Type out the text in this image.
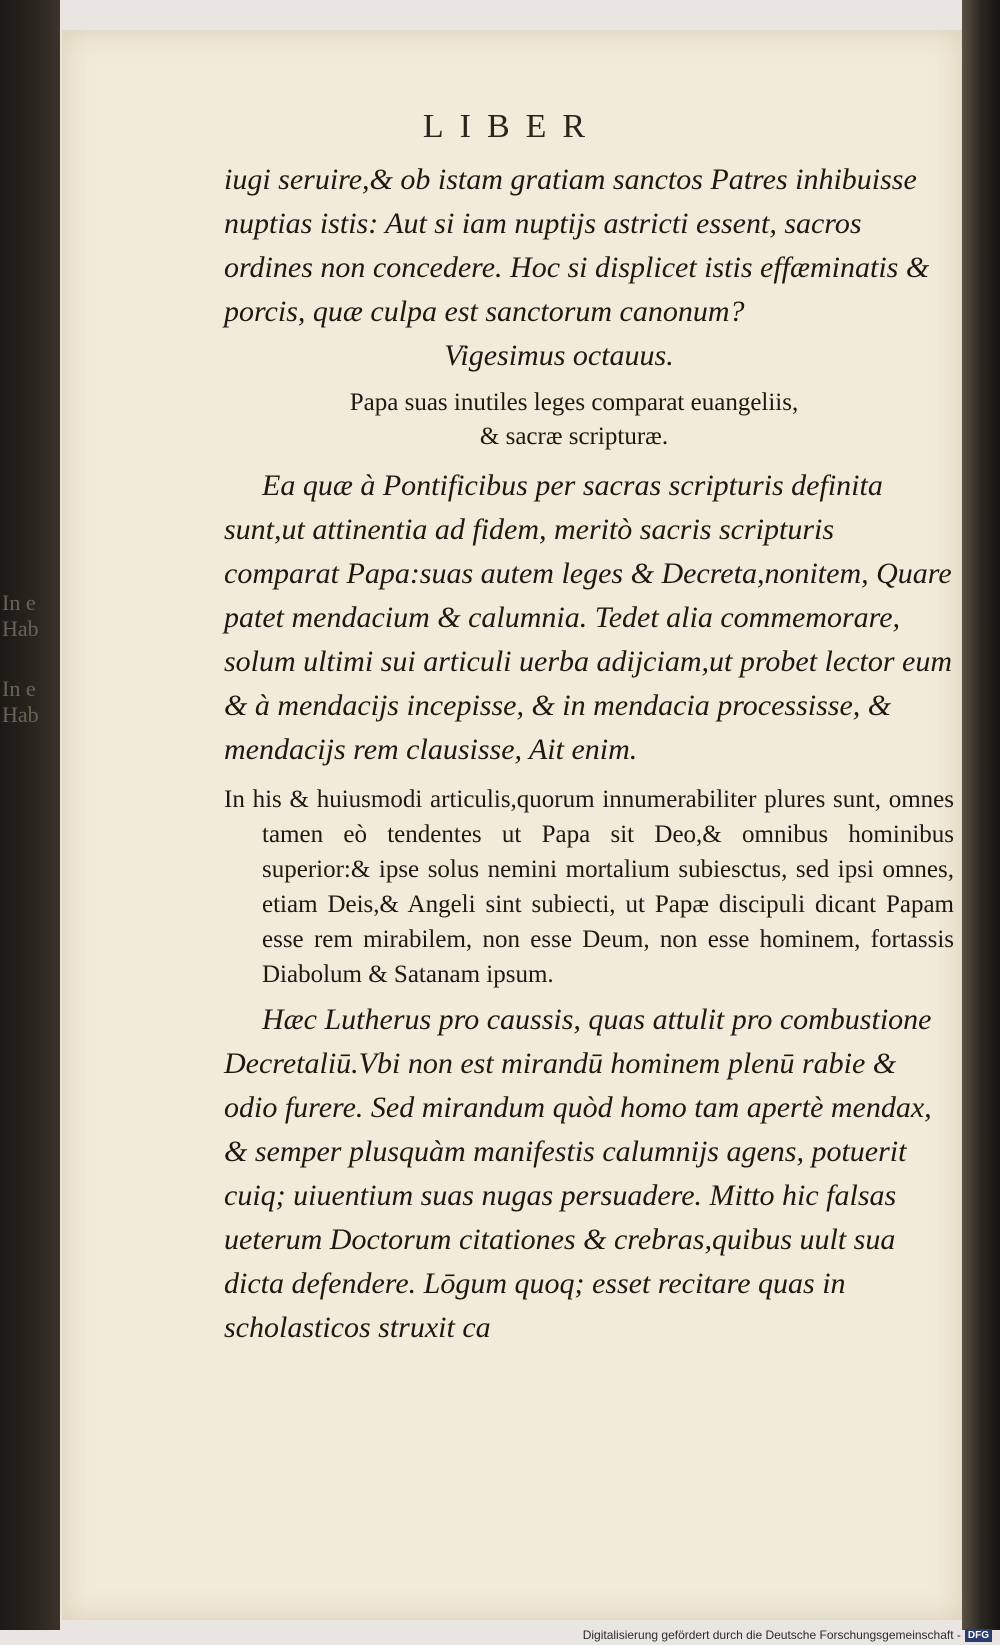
In e
Hab
In e
Hab
LIBER

iugi seruire,& ob istam gratiam sanctos Patres inhibuisse nuptias istis: Aut si iam nuptijs astricti essent, sacros ordines non concedere. Hoc si displicet istis effæminatis & porcis, quæ culpa est sanctorum canonum?

Vigesimus octauus.

Papa suas inutiles leges comparat euangeliis,
& sacræ scripturæ.

Ea quæ à Pontificibus per sacras scripturis definita sunt,ut attinentia ad fidem, meritò sacris scripturis comparat Papa:suas autem leges & Decreta,nonitem, Quare patet mendacium & calumnia. Tedet alia commemorare, solum ultimi sui articuli uerba adijciam,ut probet lector eum & à mendacijs incepisse, & in mendacia processisse, & mendacijs rem clausisse, Ait enim.

In his & huiusmodi articulis,quorum innumerabiliter plures sunt, omnes tamen eò tendentes ut Papa sit Deo,& omnibus hominibus superior:& ipse solus nemini mortalium subiesctus, sed ipsi omnes, etiam Deis,& Angeli sint subiecti, ut Papæ discipuli dicant Papam esse rem mirabilem, non esse Deum, non esse hominem, fortassis Diabolum & Satanam ipsum.

Hæc Lutherus pro caussis, quas attulit pro combustione Decretaliū.Vbi non est mirandū hominem plenū rabie & odio furere. Sed mirandum quòd homo tam apertè mendax, & semper plusquàm manifestis calumnijs agens, potuerit cuiq; uiuentium suas nugas persuadere. Mitto hic falsas ueterum Doctorum citationes & crebras,quibus uult sua dicta defendere. Lōgum quoq; esset recitare quas in scholasticos struxit ca

Digitalisierung gefördert durch die Deutsche Forschungsgemeinschaft - DFG
